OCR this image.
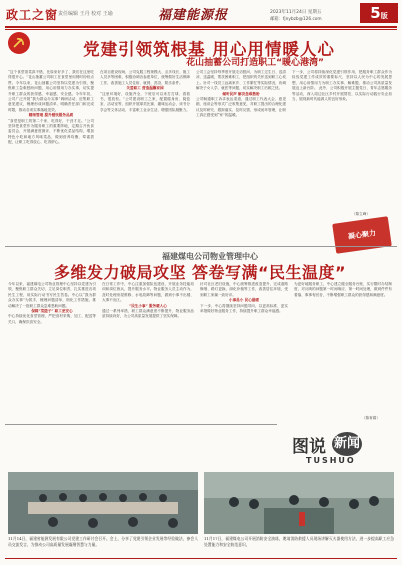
政工之窗 责任编辑 王丹 校对 王瑜	福建能源报	2023年11月24日 星期五
邮箱：fjnybzb@126.com	5版
党建引领筑根基 用心用情暖人心
花山抽蓄公司打造职工“暖心港湾”
“这个食堂饭菜真不错，比原来好多了，我们在这里吃得很开心。”花山抽蓄公司职工在食堂里用餐时纷纷点赞。今年以来，花山抽蓄公司坚持以党建为引领，聚焦职工急难愁盼问题，用心用情用力办实事，切实提升职工群众的获得感、幸福感、安全感。今年年初，公司广泛开展“我为群众办实事”调研活动，征集职工意见建议，梳理形成问题清单，明确责任部门和完成时限，推动各项实事落地见效。
精细管理 提升餐饮服务品质
“食堂是职工的第二个家，吃得好，干劲才足。”公司坚持把食堂作为服务职工的重要阵地，定期召开伙食委员会，开展满意度测评，不断优化菜品结构，增加特色小吃和地方风味菜品，做到营养均衡、荤素搭配，让职工吃得放心、吃得舒心。
在项目建设现场，公司克服工程规模大、点多线长、施工人员多等困难，积极协调各参建单位，统筹做好生活保障工作，改善施工人员住宿、就餐、洗浴、娱乐条件。
关爱职工 营造温馨家园
“这里环境好，设施齐全，下班后可以来打打球、看看书，很放松。”公司建设职工之家，配置健身房、阅览室、活动室等，组织开展球类比赛、趣味运动会、读书分享会等文体活动，丰富职工业余生活，增强团队凝聚力。
公司工会坚持每季度开展走访慰问，为职工过生日、送清凉、送温暖，帮扶困难职工，把组织的关怀送到职工心坎上。针对一线员工远离家乡、工作繁忙等实际情况，协调解决子女入学、就医等问题，切实解决职工后顾之忧。
倾听民声 解决急难愁盼
公司畅通职工诉求表达渠道，通过职工代表大会、意见箱、座谈会等形式广泛收集意见，对职工提出的合理化建议及时研究、跟踪落实、及时反馈，形成闭环管理，让职工真正感受到“家”的温暖。
下一步，公司将持续深化党建引领作用，把服务职工群众作为检验党建工作成效的重要标尺，坚持以人民为中心的发展思想，用心用情用力为职工办实事、解难题，推动公司高质量发展迈上新台阶。 此外，公司积极开展主题党日、青年志愿服务等活动，深入周边社区乡村开展帮扶，以实际行动践行央企担当，展现新时代能源人的良好形象。
（陈立峰）
凝心聚力
福建煤电公司物业管理中心
多维发力破局攻坚 答卷写满“民生温度”
今年以来，福建煤电公司物业管理中心坚持以党建为引领，聚焦职工群众关切，立足岗位职责，扎实推进各项民生工程，用实际行动书写民生答卷。中心以“我为群众办实事”为抓手，梳理问题清单，细化工作措施，推动解决了一批职工群众急难愁盼问题。
保障“菜篮子” 职工更安心
中心持续优化食堂管理，严把食材采购、加工、配送等关口，确保饮食安全。
在日常工作中，中心注重加强队伍建设，开展业务技能培训和岗位练兵，提升服务水平。物业服务人员主动作为，及时处理房屋维修、水电故障等问题，做到小事不出楼、大事不出区。
“民生小事” 服务暖人心
通过一系列举措，职工群众满意度不断提升，物业服务品质持续向好，为公司高质量发展提供了坚实保障。
针对社区老旧设施，中心统筹推进改造提升，完成道路修缮、路灯更换、绿化补植等工作，改善居住环境，受到职工家属一致好评。
小事虽小 民心最暖
下一步，中心将继续坚持问题导向，以更高标准、更实举措做好物业服务工作，持续提升职工群众幸福感。
为更好地服务职工，中心建立健全服务台账，实行限时办结制度，对反映的问题第一时间响应、第一时间处理，做到件件有着落、事事有回音，不断增强职工群众的获得感和满意度。
（陈育娟）
图说 新闻
TUSHUO
11月14日，福建省能源发展有限公司党建工作研讨会召开。会上，分享了党建引领企业发展等经验做法，参会人员交流发言，为推动公司高质量发展凝聚智慧与力量。
11月17日，福建煤电公司开展消防安全演练，邀请消防救援人员现场讲解灭火器使用方法，进一步提高职工应急处置能力和安全防范意识。
